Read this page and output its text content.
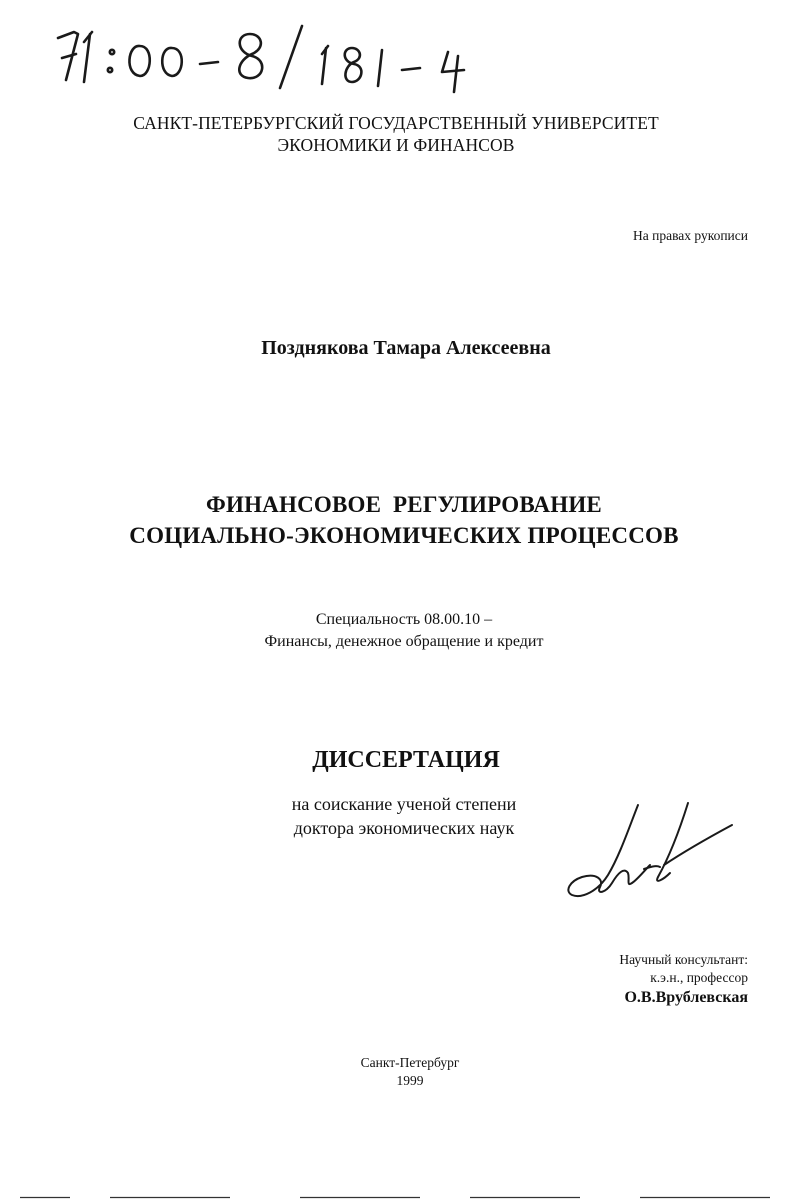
САНКТ-ПЕТЕРБУРГСКИЙ ГОСУДАРСТВЕННЫЙ УНИВЕРСИТЕТ
ЭКОНОМИКИ И ФИНАНСОВ
На правах рукописи
Позднякова Тамара Алексеевна
ФИНАНСОВОЕ  РЕГУЛИРОВАНИЕ
СОЦИАЛЬНО-ЭКОНОМИЧЕСКИХ ПРОЦЕССОВ
Специальность 08.00.10 –
Финансы, денежное обращение и кредит
ДИССЕРТАЦИЯ
на соискание ученой степени
доктора экономических наук
Научный консультант:
к.э.н., профессор
О.В.Врублевская
Санкт-Петербург
1999
